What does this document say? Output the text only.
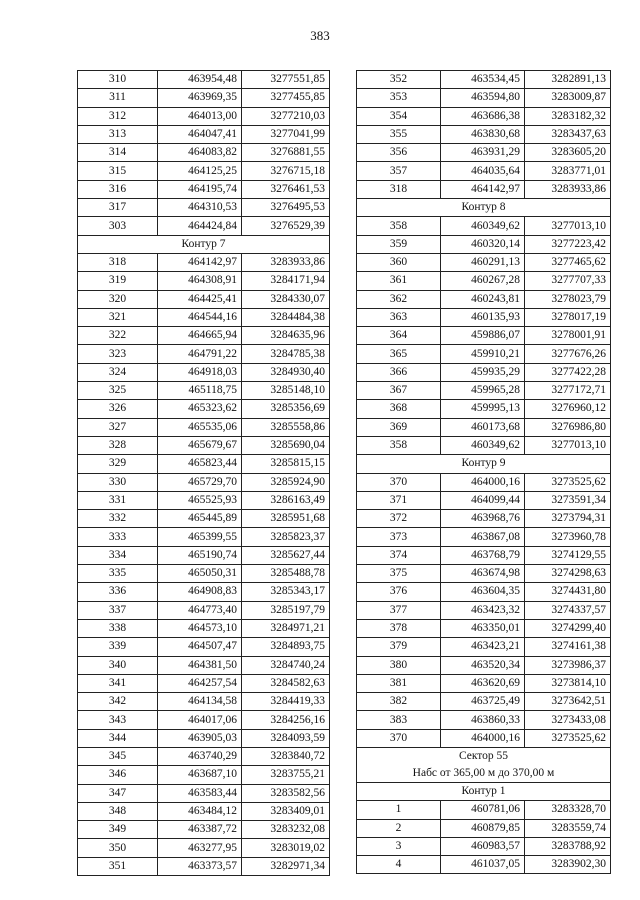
383
310	463954,48	3277551,85
311	463969,35	3277455,85
312	464013,00	3277210,03
313	464047,41	3277041,99
314	464083,82	3276881,55
315	464125,25	3276715,18
316	464195,74	3276461,53
317	464310,53	3276495,53
303	464424,84	3276529,39
Контур 7		
318	464142,97	3283933,86
319	464308,91	3284171,94
320	464425,41	3284330,07
321	464544,16	3284484,38
322	464665,94	3284635,96
323	464791,22	3284785,38
324	464918,03	3284930,40
325	465118,75	3285148,10
326	465323,62	3285356,69
327	465535,06	3285558,86
328	465679,67	3285690,04
329	465823,44	3285815,15
330	465729,70	3285924,90
331	465525,93	3286163,49
332	465445,89	3285951,68
333	465399,55	3285823,37
334	465190,74	3285627,44
335	465050,31	3285488,78
336	464908,83	3285343,17
337	464773,40	3285197,79
338	464573,10	3284971,21
339	464507,47	3284893,75
340	464381,50	3284740,24
341	464257,54	3284582,63
342	464134,58	3284419,33
343	464017,06	3284256,16
344	463905,03	3284093,59
345	463740,29	3283840,72
346	463687,10	3283755,21
347	463583,44	3283582,56
348	463484,12	3283409,01
349	463387,72	3283232,08
350	463277,95	3283019,02
351	463373,57	3282971,34
352	463534,45	3282891,13
353	463594,80	3283009,87
354	463686,38	3283182,32
355	463830,68	3283437,63
356	463931,29	3283605,20
357	464035,64	3283771,01
318	464142,97	3283933,86
Контур 8		
358	460349,62	3277013,10
359	460320,14	3277223,42
360	460291,13	3277465,62
361	460267,28	3277707,33
362	460243,81	3278023,79
363	460135,93	3278017,19
364	459886,07	3278001,91
365	459910,21	3277676,26
366	459935,29	3277422,28
367	459965,28	3277172,71
368	459995,13	3276960,12
369	460173,68	3276986,80
358	460349,62	3277013,10
Контур 9		
370	464000,16	3273525,62
371	464099,44	3273591,34
372	463968,76	3273794,31
373	463867,08	3273960,78
374	463768,79	3274129,55
375	463674,98	3274298,63
376	463604,35	3274431,80
377	463423,32	3274337,57
378	463350,01	3274299,40
379	463423,21	3274161,38
380	463520,34	3273986,37
381	463620,69	3273814,10
382	463725,49	3273642,51
383	463860,33	3273433,08
370	464000,16	3273525,62

Сектор 55
Набс от 365,00 м до 370,00 м		

Контур 1		
1	460781,06	3283328,70
2	460879,85	3283559,74
3	460983,57	3283788,92
4	461037,05	3283902,30
